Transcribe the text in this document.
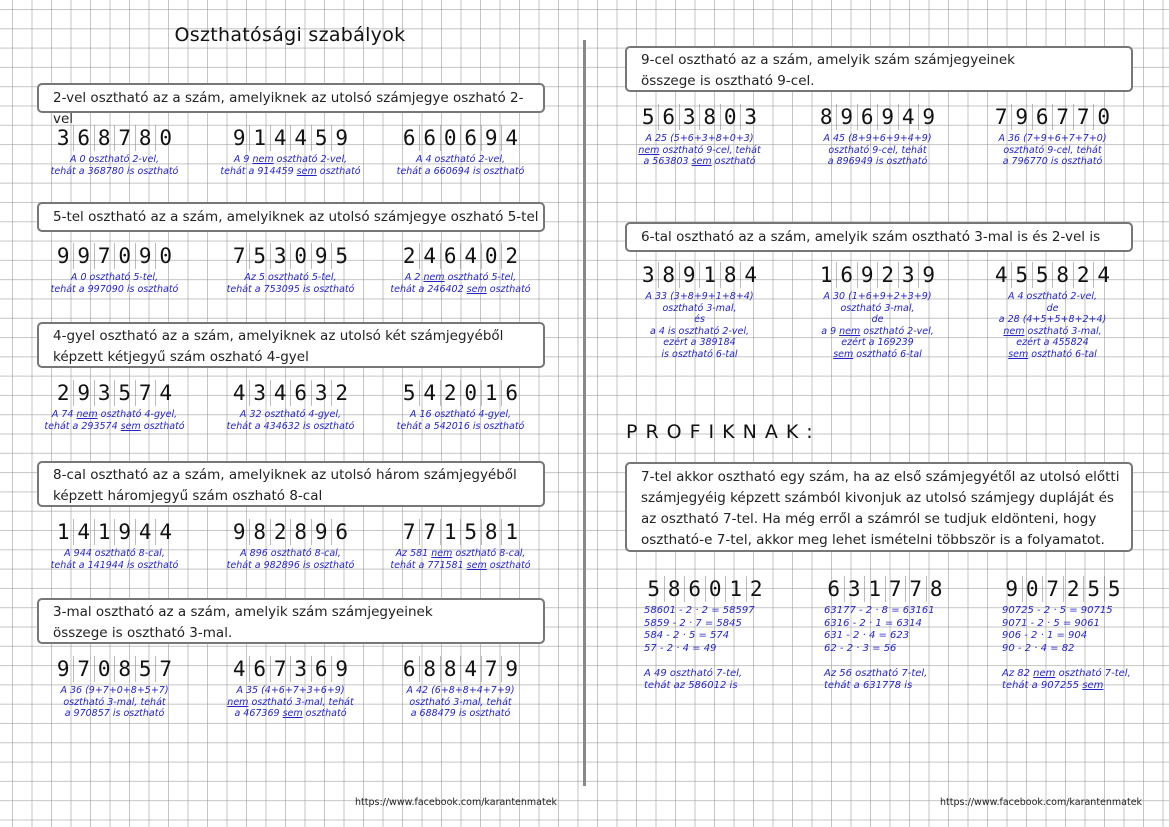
Oszthatósági szabályok
2-vel osztható az a szám, amelyiknek az utolsó számjegye oszható 2-vel
5-tel osztható az a szám, amelyiknek az utolsó számjegye oszható 5-tel
4-gyel osztható az a szám, amelyiknek az utolsó két számjegyéből képzett kétjegyű szám oszható 4-gyel
8-cal osztható az a szám, amelyiknek az utolsó három számjegyéből képzett háromjegyű szám oszható 8-cal
3-mal osztható az a szám, amelyik szám számjegyeinek összege is osztható 3-mal.
9-cel osztható az a szám, amelyik szám számjegyeinek összege is osztható 9-cel.
6-tal osztható az a szám, amelyik szám osztható 3-mal is és 2-vel is
7-tel akkor osztható egy szám, ha az első számjegyétől az utolsó előtti számjegyéig képzett számból kivonjuk az utolsó számjegy dupláját és az osztható 7-tel. Ha még erről a számról se tudjuk eldönteni, hogy osztható-e 7-tel, akkor meg lehet ismételni többször is a folyamatot.
PROFIKNAK:
3 6 8 7 8 0
A 0 osztható 2-vel,
tehát a 368780 is osztható
9 1 4 4 5 9
A 9 nem osztható 2-vel,
tehát a 914459 sem osztható
6 6 0 6 9 4
A 4 osztható 2-vel,
tehát a 660694 is osztható
9 9 7 0 9 0
A 0 osztható 5-tel,
tehát a 997090 is osztható
7 5 3 0 9 5
Az 5 osztható 5-tel,
tehát a 753095 is osztható
2 4 6 4 0 2
A 2 nem osztható 5-tel,
tehát a 246402 sem osztható
2 9 3 5 7 4
A 74 nem osztható 4-gyel,
tehát a 293574 sem osztható
4 3 4 6 3 2
A 32 osztható 4-gyel,
tehát a 434632 is osztható
5 4 2 0 1 6
A 16 osztható 4-gyel,
tehát a 542016 is osztható
1 4 1 9 4 4
A 944 osztható 8-cal,
tehát a 141944 is osztható
9 8 2 8 9 6
A 896 osztható 8-cal,
tehát a 982896 is osztható
7 7 1 5 8 1
Az 581 nem osztható 8-cal,
tehát a 771581 sem osztható
9 7 0 8 5 7
A 36 (9+7+0+8+5+7)
osztható 3-mal, tehát
a 970857 is osztható
4 6 7 3 6 9
A 35 (4+6+7+3+6+9)
nem osztható 3-mal, tehát
a 467369 sem osztható
6 8 8 4 7 9
A 42 (6+8+8+4+7+9)
osztható 3-mal, tehát
a 688479 is osztható
5 6 3 8 0 3
A 25 (5+6+3+8+0+3)
nem osztható 9-cel, tehát
a 563803 sem osztható
8 9 6 9 4 9
A 45 (8+9+6+9+4+9)
osztható 9-cel, tehát
a 896949 is osztható
7 9 6 7 7 0
A 36 (7+9+6+7+7+0)
osztható 9-cel, tehát
a 796770 is osztható
3 8 9 1 8 4
A 33 (3+8+9+1+8+4)
osztható 3-mal,
és
a 4 is osztható 2-vel,
ezért a 389184
is osztható 6-tal
1 6 9 2 3 9
A 30 (1+6+9+2+3+9)
osztható 3-mal,
de
a 9 nem osztható 2-vel,
ezért a 169239
sem osztható 6-tal
4 5 5 8 2 4
A 4 osztható 2-vel,
de
a 28 (4+5+5+8+2+4)
nem osztható 3-mal,
ezért a 455824
sem osztható 6-tal
5 8 6 0 1 2
58601 - 2 · 2 = 58597
5859 - 2 · 7 = 5845
584 - 2 · 5 = 574
57 - 2 · 4 = 49

A 49 osztható 7-tel,
tehát az 586012 is
6 3 1 7 7 8
63177 - 2 · 8 = 63161
6316 - 2 · 1 = 6314
631 - 2 · 4 = 623
62 - 2 · 3 = 56

Az 56 osztható 7-tel,
tehát a 631778 is
9 0 7 2 5 5
90725 - 2 · 5 = 90715
9071 - 2 · 5 = 9061
906 - 2 · 1 = 904
90 - 2 · 4 = 82

Az 82 nem osztható 7-tel,
tehát a 907255 sem
https://www.facebook.com/karantenmatek	https://www.facebook.com/karantenmatek
